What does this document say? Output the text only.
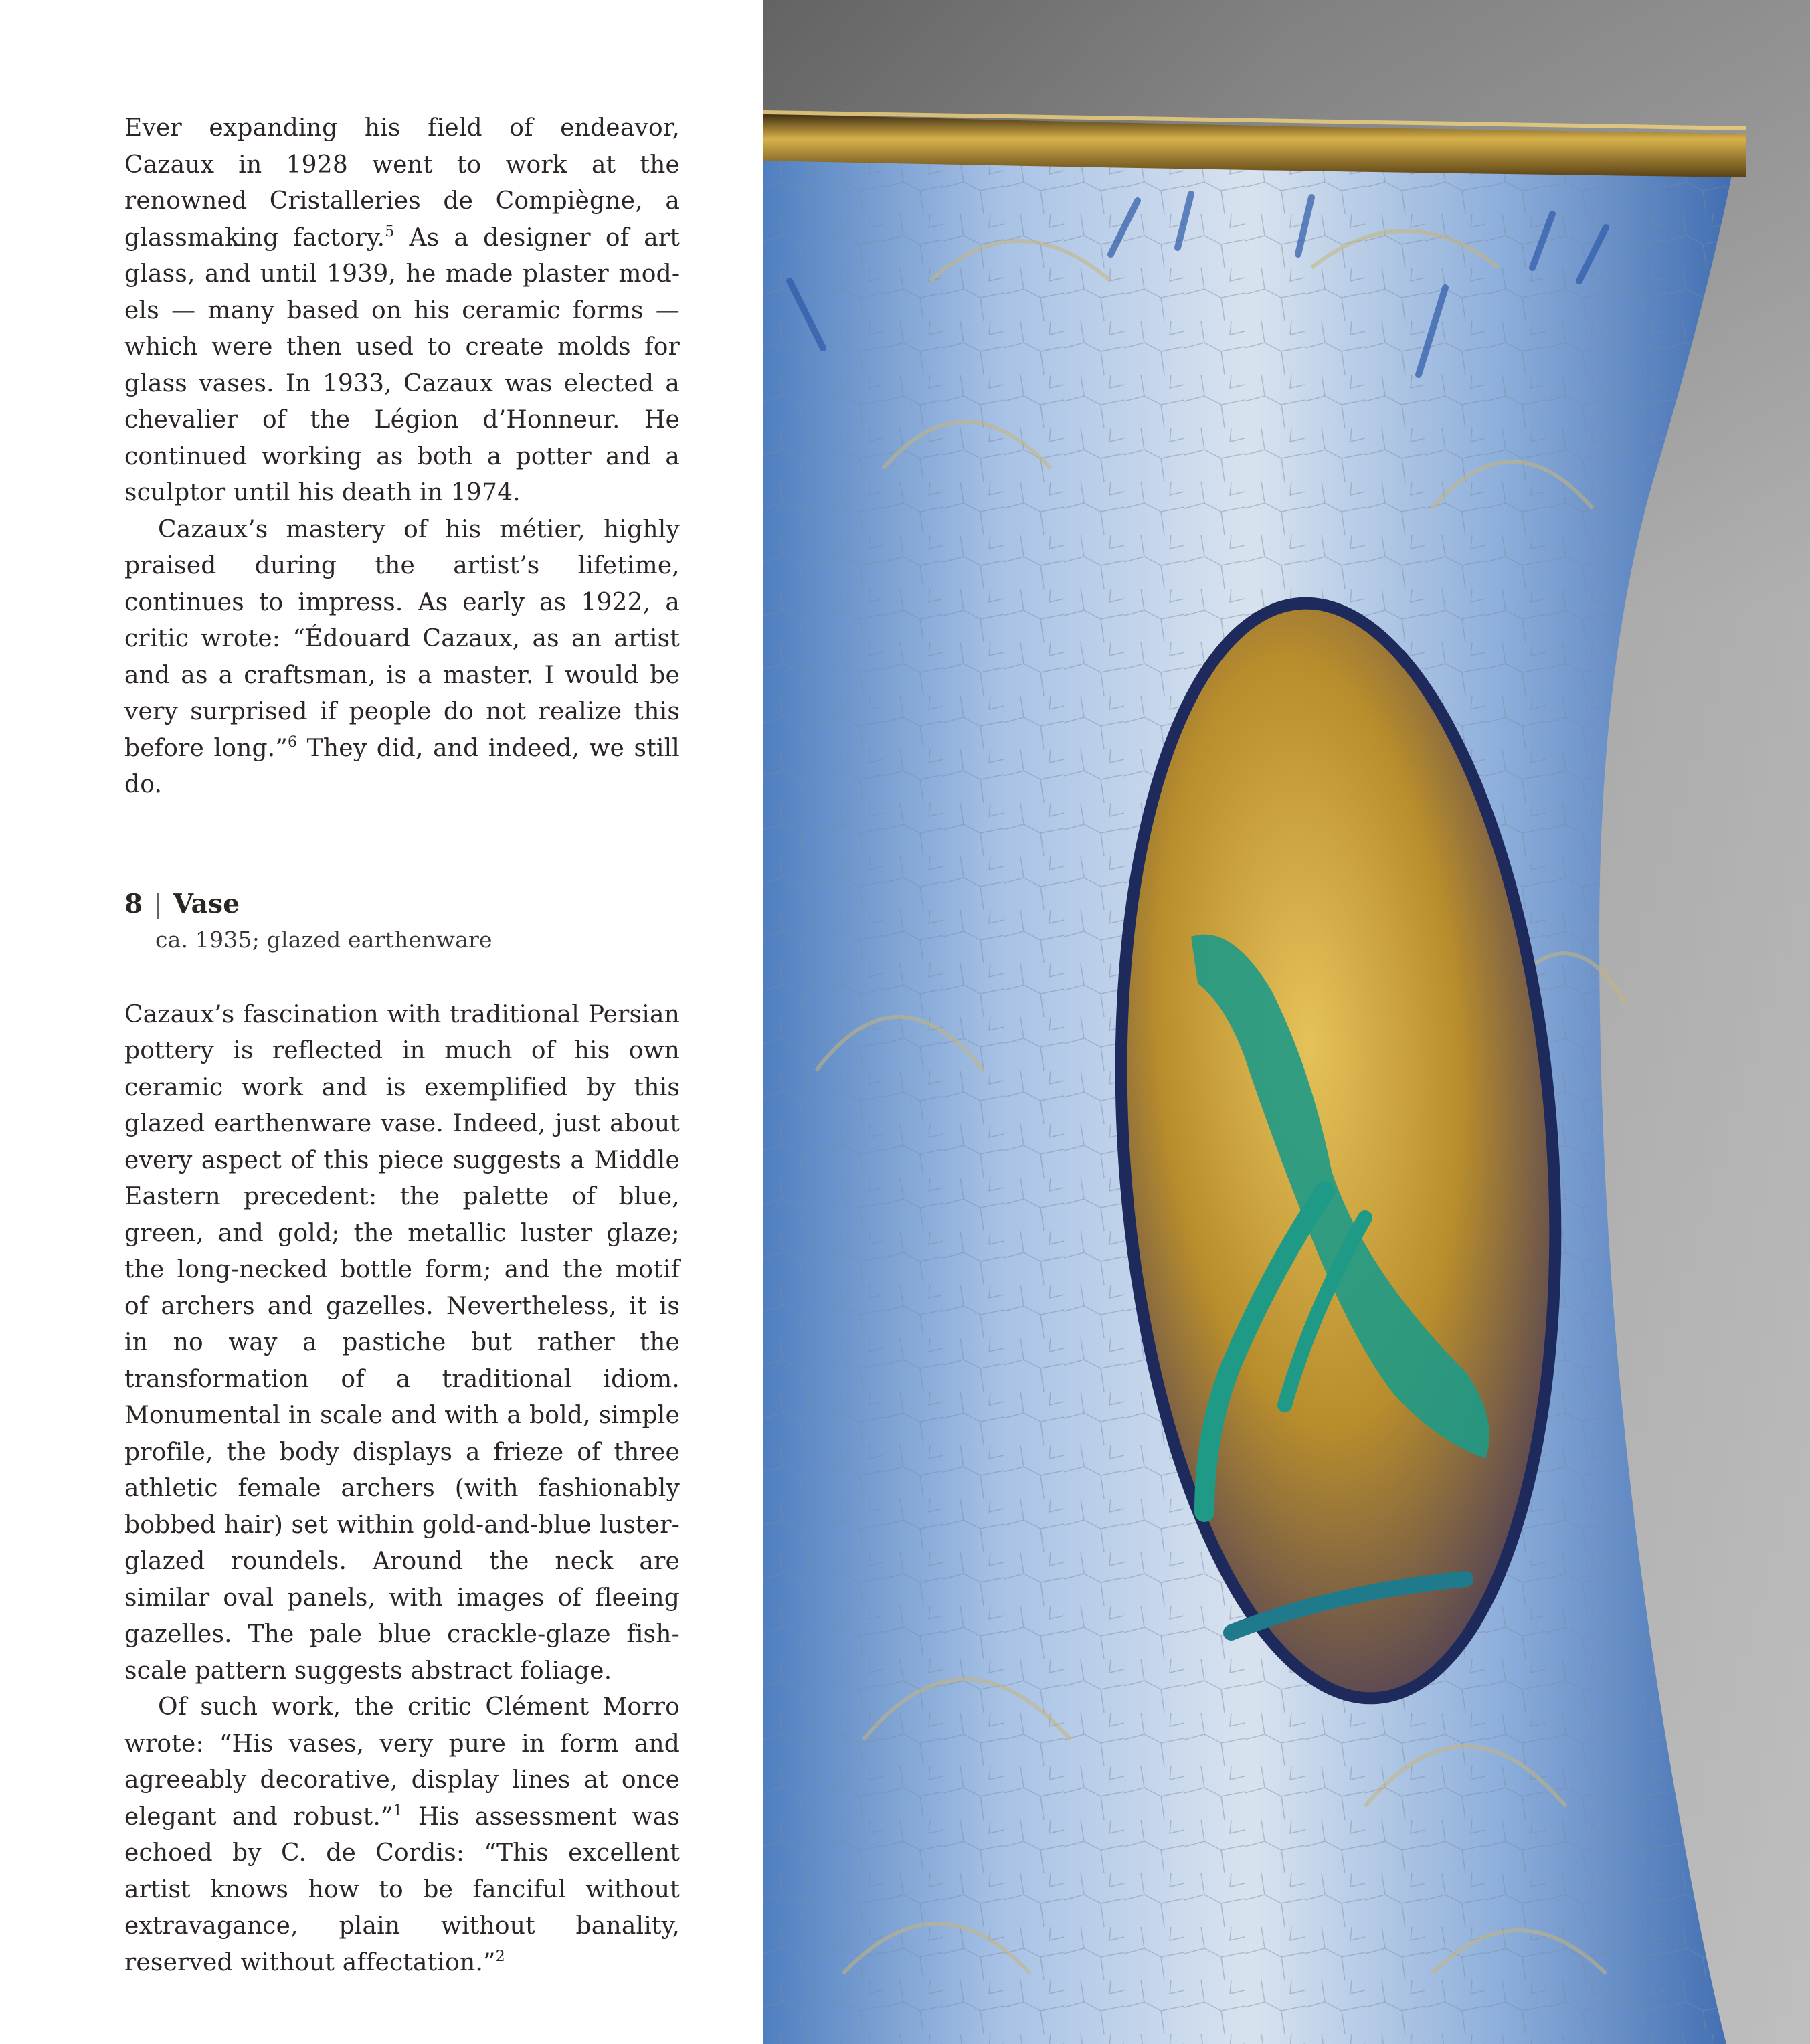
Ever expanding his field of endeavor, Cazaux in 1928 went to work at the renowned Cristalleries de Compiègne, a glassmaking factory.$^5$ As a designer of art glass, and until 1939, he made plaster models — many based on his ceramic forms — which were then used to create molds for glass vases. In 1933, Cazaux was elected a chevalier of the Légion d’Honneur. He continued working as both a potter and a sculptor until his death in 1974.

Cazaux’s mastery of his métier, highly praised during the artist’s lifetime, continues to impress. As early as 1922, a critic wrote: “Édouard Cazaux, as an artist and as a craftsman, is a master. I would be very surprised if people do not realize this before long.”$^6$ They did, and indeed, we still do.

8 | Vase
ca. 1935; glazed earthenware

Cazaux’s fascination with traditional Persian pottery is reflected in much of his own ceramic work and is exemplified by this glazed earthenware vase. Indeed, just about every aspect of this piece suggests a Middle Eastern precedent: the palette of blue, green, and gold; the metallic luster glaze; the long-necked bottle form; and the motif of archers and gazelles. Nevertheless, it is in no way a pastiche but rather the transformation of a traditional idiom. Monumental in scale and with a bold, simple profile, the body displays a frieze of three athletic female archers (with fashionably bobbed hair) set within gold-and-blue luster-glazed roundels. Around the neck are similar oval panels, with images of fleeing gazelles. The pale blue crackle-glaze fish-scale pattern suggests abstract foliage.

Of such work, the critic Clément Morro wrote: “His vases, very pure in form and agreeably decorative, display lines at once elegant and robust.”$^1$ His assessment was echoed by C. de Cordis: “This excellent artist knows how to be fanciful without extravagance, plain without banality, reserved without affectation.”$^2$
